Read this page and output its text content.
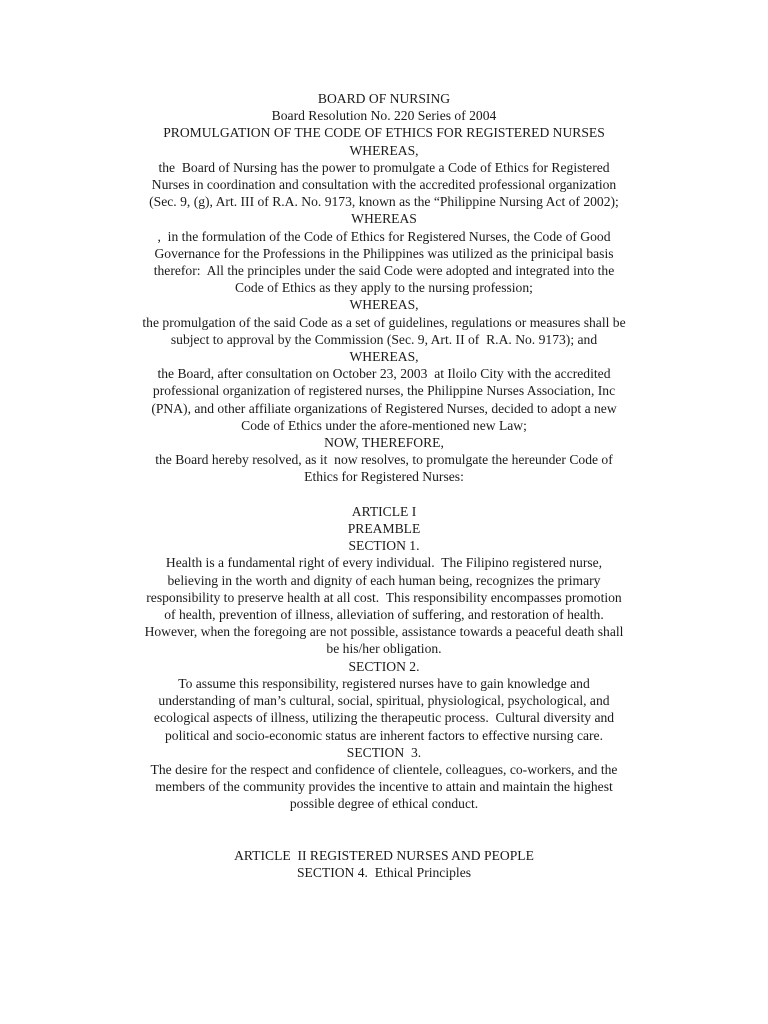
BOARD OF NURSING
Board Resolution No. 220 Series of 2004
PROMULGATION OF THE CODE OF ETHICS FOR REGISTERED NURSES
WHEREAS,
the  Board of Nursing has the power to promulgate a Code of Ethics for Registered
Nurses in coordination and consultation with the accredited professional organization
(Sec. 9, (g), Art. III of R.A. No. 9173, known as the “Philippine Nursing Act of 2002);
WHEREAS
,  in the formulation of the Code of Ethics for Registered Nurses, the Code of Good
Governance for the Professions in the Philippines was utilized as the prinicipal basis
therefor:  All the principles under the said Code were adopted and integrated into the
Code of Ethics as they apply to the nursing profession;
WHEREAS,
the promulgation of the said Code as a set of guidelines, regulations or measures shall be
subject to approval by the Commission (Sec. 9, Art. II of  R.A. No. 9173); and
WHEREAS,
the Board, after consultation on October 23, 2003  at Iloilo City with the accredited
professional organization of registered nurses, the Philippine Nurses Association, Inc
(PNA), and other affiliate organizations of Registered Nurses, decided to adopt a new
Code of Ethics under the afore-mentioned new Law;
NOW, THEREFORE,
the Board hereby resolved, as it  now resolves, to promulgate the hereunder Code of
Ethics for Registered Nurses:
ARTICLE I
PREAMBLE
SECTION 1.
Health is a fundamental right of every individual.  The Filipino registered nurse,
believing in the worth and dignity of each human being, recognizes the primary
responsibility to preserve health at all cost.  This responsibility encompasses promotion
of health, prevention of illness, alleviation of suffering, and restoration of health.
However, when the foregoing are not possible, assistance towards a peaceful death shall
be his/her obligation.
SECTION 2.
To assume this responsibility, registered nurses have to gain knowledge and
understanding of man’s cultural, social, spiritual, physiological, psychological, and
ecological aspects of illness, utilizing the therapeutic process.  Cultural diversity and
political and socio-economic status are inherent factors to effective nursing care.
SECTION  3.
The desire for the respect and confidence of clientele, colleagues, co-workers, and the
members of the community provides the incentive to attain and maintain the highest
possible degree of ethical conduct.
ARTICLE  II REGISTERED NURSES AND PEOPLE
SECTION 4.  Ethical Principles
